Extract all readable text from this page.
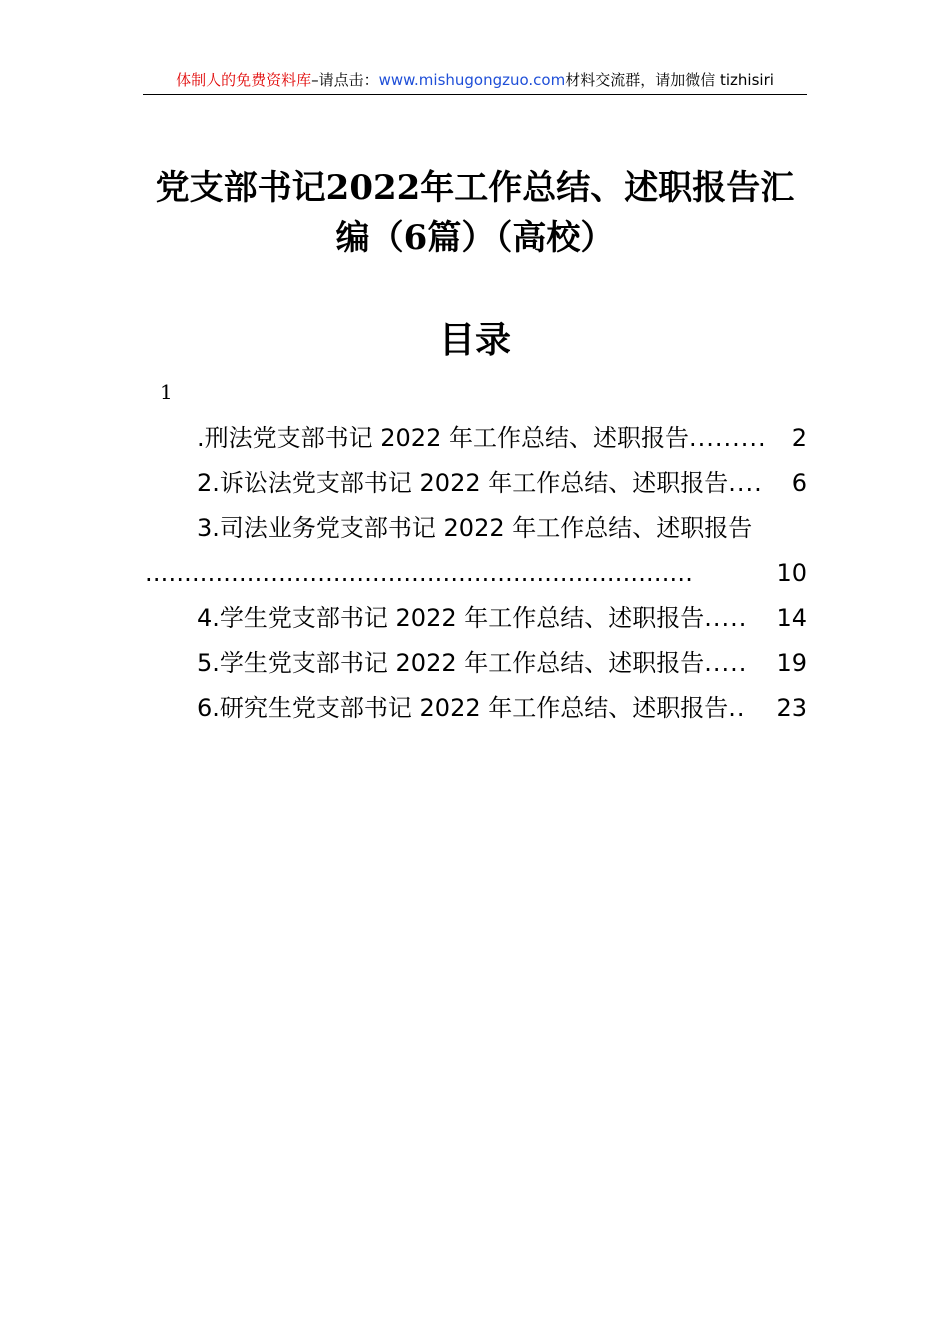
体制人的免费资料库–请点击：www.mishugongzuo.com材料交流群，请加微信 tizhisiri
党支部书记2022年工作总结、述职报告汇
编（6篇）（高校）
目录
1
.刑法党支部书记 2022 年工作总结、述职报告......... 2
2.诉讼法党支部书记 2022 年工作总结、述职报告.... 6
3.司法业务党支部书记 2022 年工作总结、述职报告
......................................................................	10
4.学生党支部书记 2022 年工作总结、述职报告..... 14
5.学生党支部书记 2022 年工作总结、述职报告..... 19
6.研究生党支部书记 2022 年工作总结、述职报告.. 23
